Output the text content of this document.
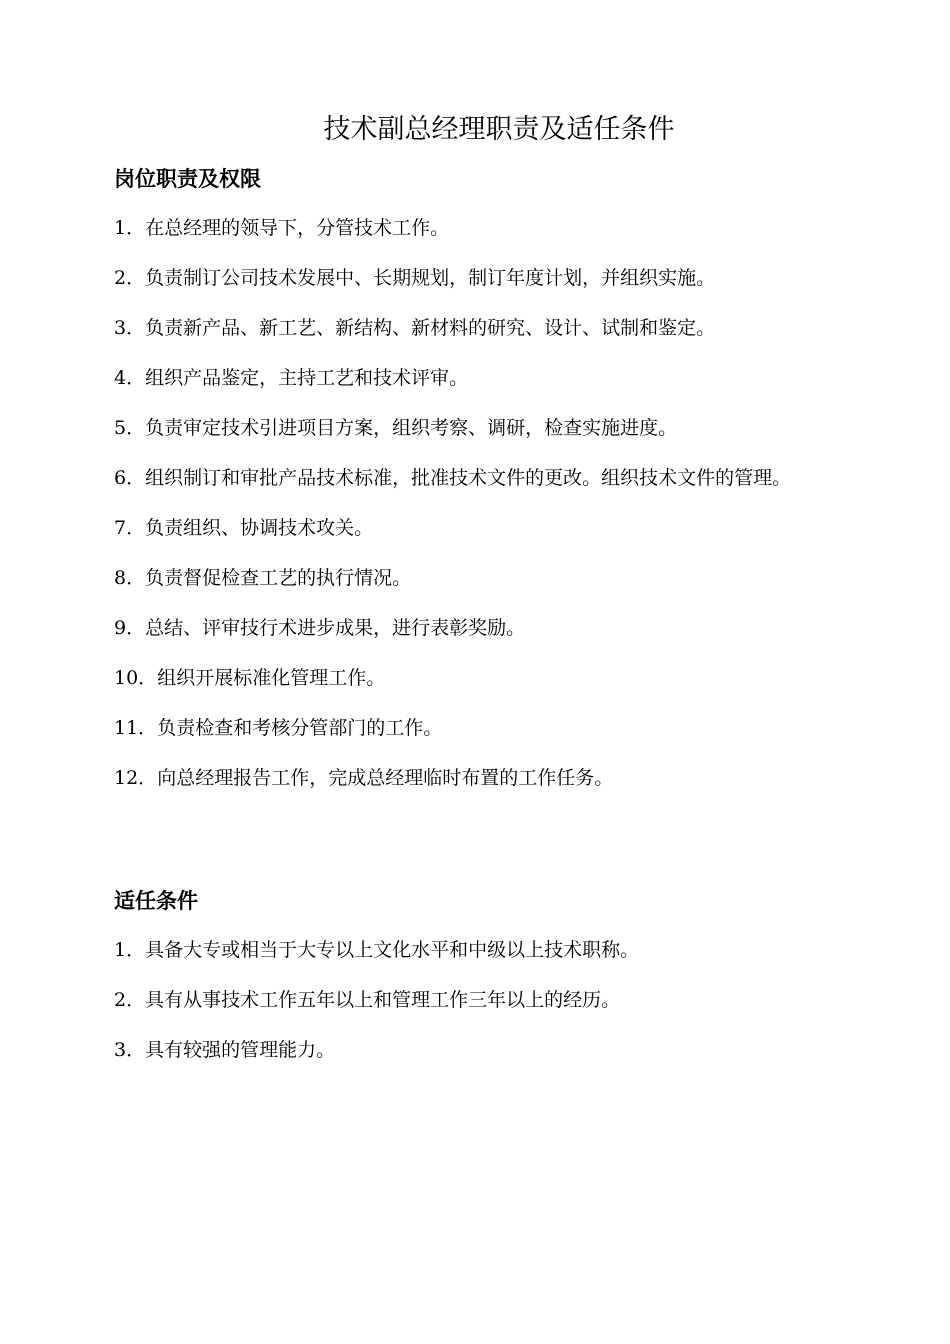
技术副总经理职责及适任条件
岗位职责及权限
1．在总经理的领导下，分管技术工作。
2．负责制订公司技术发展中、长期规划，制订年度计划，并组织实施。
3．负责新产品、新工艺、新结构、新材料的研究、设计、试制和鉴定。
4．组织产品鉴定，主持工艺和技术评审。
5．负责审定技术引进项目方案，组织考察、调研，检查实施进度。
6．组织制订和审批产品技术标准，批准技术文件的更改。组织技术文件的管理。
7．负责组织、协调技术攻关。
8．负责督促检查工艺的执行情况。
9．总结、评审技行术进步成果，进行表彰奖励。
10．组织开展标准化管理工作。
11．负责检查和考核分管部门的工作。
12．向总经理报告工作，完成总经理临时布置的工作任务。
适任条件
1．具备大专或相当于大专以上文化水平和中级以上技术职称。
2．具有从事技术工作五年以上和管理工作三年以上的经历。
3．具有较强的管理能力。
